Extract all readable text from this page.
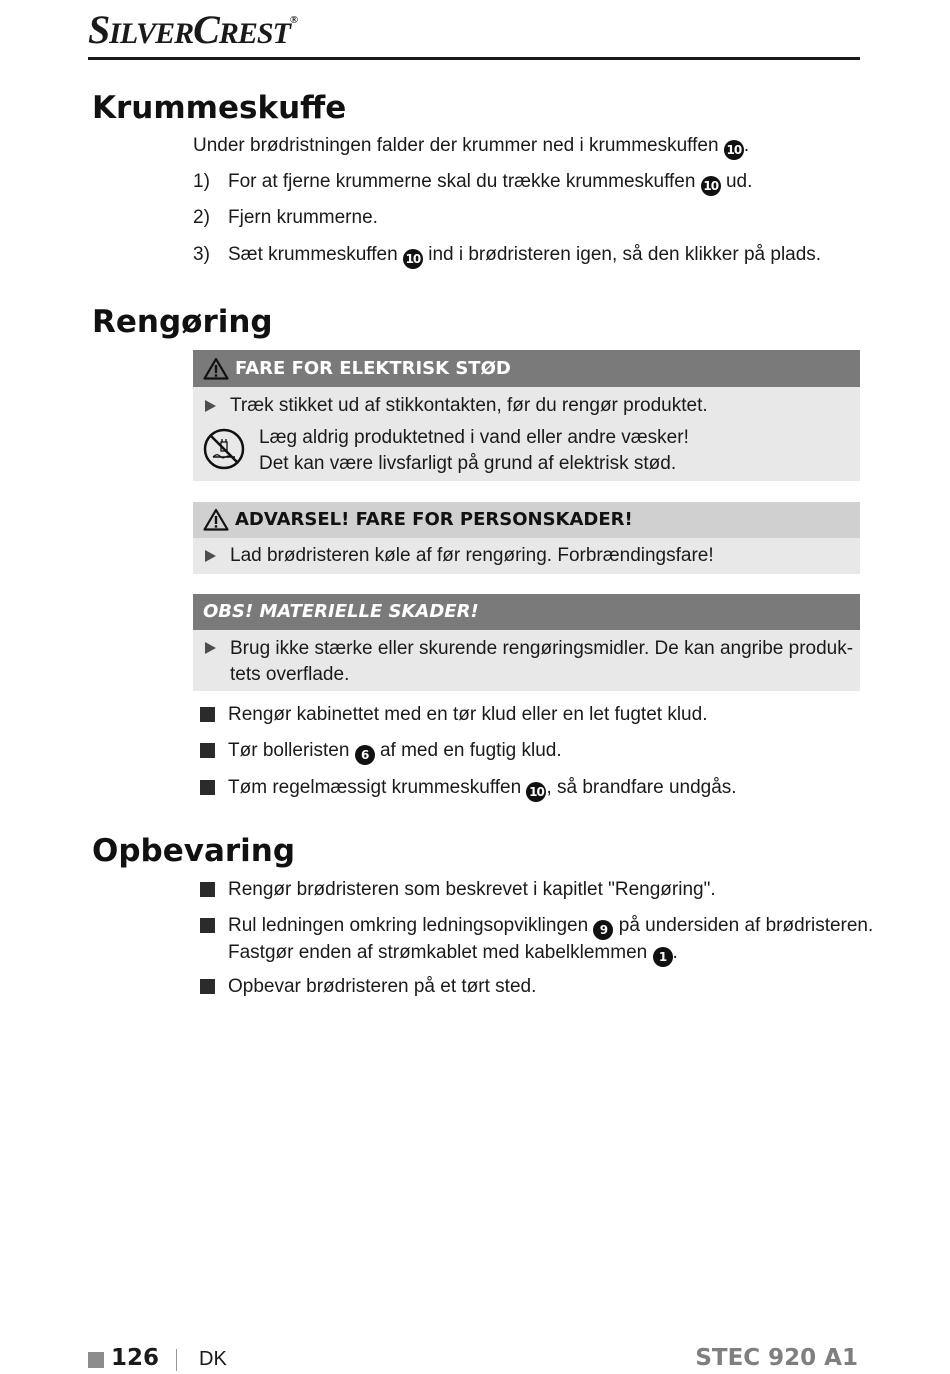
SILVERCREST®
Krummeskuffe
Under brødristningen falder der krummer ned i krummeskuffen 10 .
1) For at fjerne krummerne skal du trække krummeskuffen 10 ud.
2) Fjern krummerne.
3) Sæt krummeskuffen 10 ind i brødristeren igen, så den klikker på plads.
Rengøring
FARE FOR ELEKTRISK STØD
Træk stikket ud af stikkontakten, før du rengør produktet.
Læg aldrig produktetned i vand eller andre væsker!
Det kan være livsfarligt på grund af elektrisk stød.
ADVARSEL! FARE FOR PERSONSKADER!
Lad brødristeren køle af før rengøring. Forbrændingsfare!
OBS! MATERIELLE SKADER!
Brug ikke stærke eller skurende rengøringsmidler. De kan angribe produk-
tets overflade.
Rengør kabinettet med en tør klud eller en let fugtet klud.
Tør bolleristen 6 af med en fugtig klud.
Tøm regelmæssigt krummeskuffen 10 , så brandfare undgås.
Opbevaring
Rengør brødristeren som beskrevet i kapitlet "Rengøring".
Rul ledningen omkring ledningsopviklingen 9 på undersiden af brødristeren.
Fastgør enden af strømkablet med kabelklemmen 1 .
Opbevar brødristeren på et tørt sted.
126 DK	STEC 920 A1
